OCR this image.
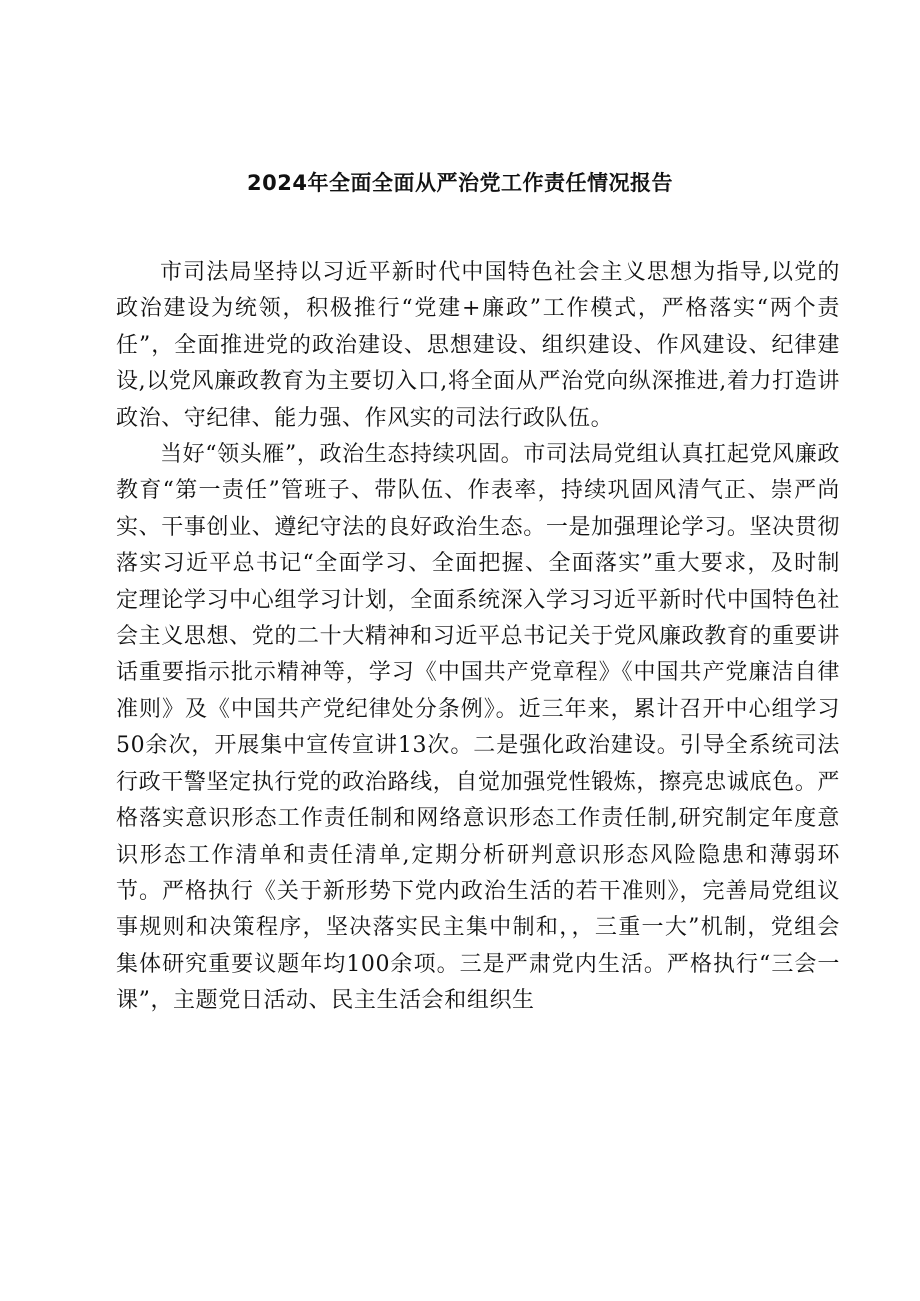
2024年全面全面从严治党工作责任情况报告

市司法局坚持以习近平新时代中国特色社会主义思想为指导,以党的政治建设为统领，积极推行“党建+廉政”工作模式，严格落实“两个责任”，全面推进党的政治建设、思想建设、组织建设、作风建设、纪律建设,以党风廉政教育为主要切入口,将全面从严治党向纵深推进,着力打造讲政治、守纪律、能力强、作风实的司法行政队伍。

当好“领头雁”，政治生态持续巩固。市司法局党组认真扛起党风廉政教育“第一责任”管班子、带队伍、作表率，持续巩固风清气正、崇严尚实、干事创业、遵纪守法的良好政治生态。一是加强理论学习。坚决贯彻落实习近平总书记“全面学习、全面把握、全面落实”重大要求，及时制定理论学习中心组学习计划，全面系统深入学习习近平新时代中国特色社会主义思想、党的二十大精神和习近平总书记关于党风廉政教育的重要讲话重要指示批示精神等，学习《中国共产党章程》《中国共产党廉洁自律准则》及《中国共产党纪律处分条例》。近三年来，累计召开中心组学习50余次，开展集中宣传宣讲13次。二是强化政治建设。引导全系统司法行政干警坚定执行党的政治路线，自觉加强党性锻炼，擦亮忠诚底色。严格落实意识形态工作责任制和网络意识形态工作责任制,研究制定年度意识形态工作清单和责任清单,定期分析研判意识形态风险隐患和薄弱环节。严格执行《关于新形势下党内政治生活的若干准则》，完善局党组议事规则和决策程序，坚决落实民主集中制和，，三重一大”机制，党组会集体研究重要议题年均100余项。三是严肃党内生活。严格执行“三会一课”，主题党日活动、民主生活会和组织生
